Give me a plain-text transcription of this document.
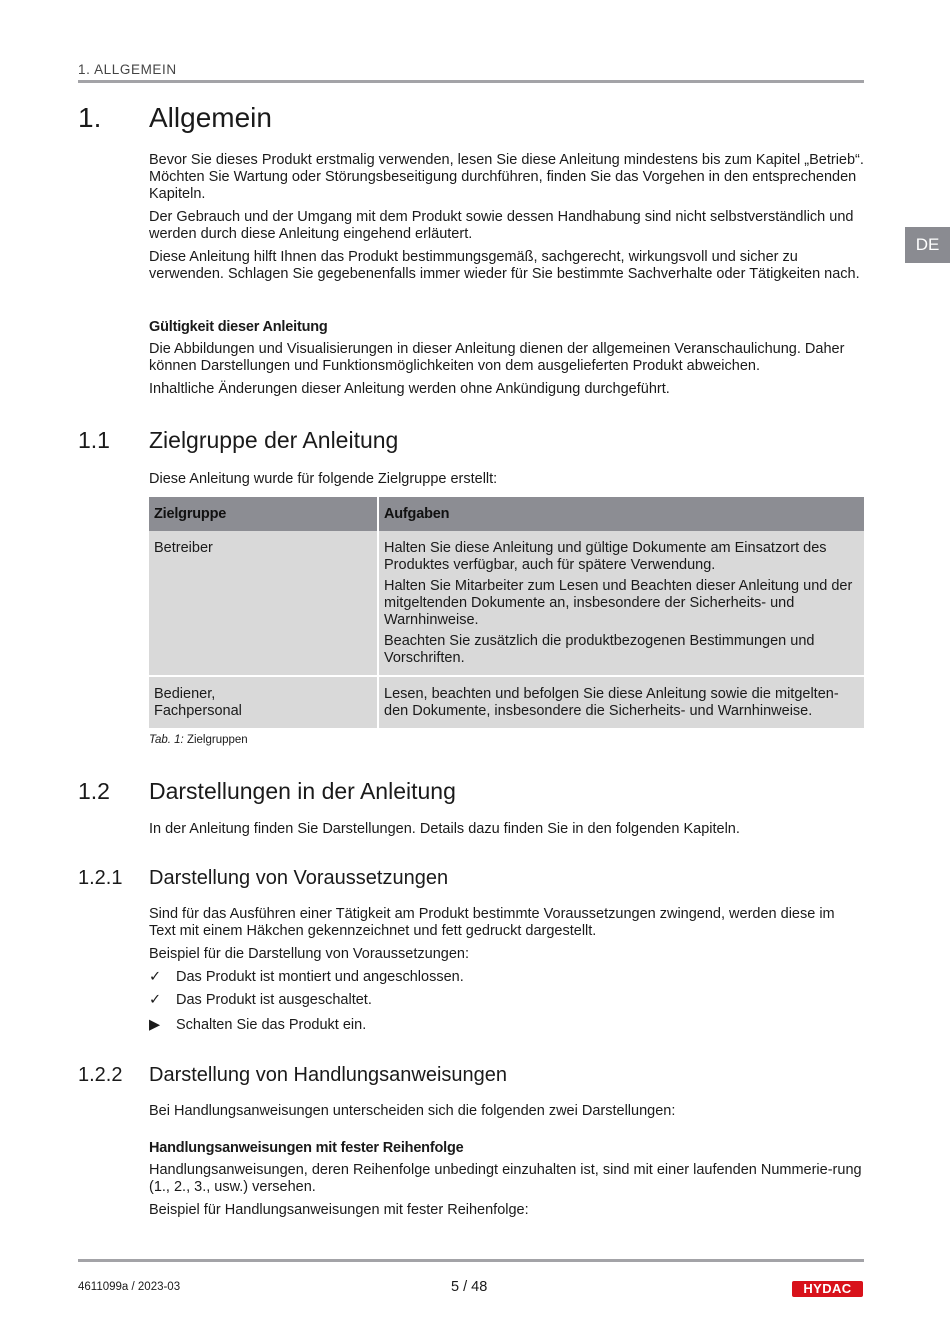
1. ALLGEMEIN
DE
1. Allgemein

Bevor Sie dieses Produkt erstmalig verwenden, lesen Sie diese Anleitung mindestens bis zum Kapitel „Betrieb“. Möchten Sie Wartung oder Störungsbeseitigung durchführen, finden Sie das Vorgehen in den entsprechenden Kapiteln.

Der Gebrauch und der Umgang mit dem Produkt sowie dessen Handhabung sind nicht selbstverständlich und werden durch diese Anleitung eingehend erläutert.

Diese Anleitung hilft Ihnen das Produkt bestimmungsgemäß, sachgerecht, wirkungsvoll und sicher zu verwenden. Schlagen Sie gegebenenfalls immer wieder für Sie bestimmte Sachverhalte oder Tätigkeiten nach.

Gültigkeit dieser Anleitung

Die Abbildungen und Visualisierungen in dieser Anleitung dienen der allgemeinen Veranschaulichung. Daher können Darstellungen und Funktionsmöglichkeiten von dem ausgelieferten Produkt abweichen.

Inhaltliche Änderungen dieser Anleitung werden ohne Ankündigung durchgeführt.

1.1 Zielgruppe der Anleitung

Diese Anleitung wurde für folgende Zielgruppe erstellt:

Zielgruppe	Aufgaben
Betreiber	Halten Sie diese Anleitung und gültige Dokumente am Einsatzort des Produktes verfügbar, auch für spätere Verwendung.

Halten Sie Mitarbeiter zum Lesen und Beachten dieser Anleitung und der mitgeltenden Dokumente an, insbesondere der Sicherheits- und Warnhinweise.

Beachten Sie zusätzlich die produktbezogenen Bestimmungen und Vorschriften.

Bediener,
Fachpersonal	Lesen, beachten und befolgen Sie diese Anleitung sowie die mitgelten-den Dokumente, insbesondere die Sicherheits- und Warnhinweise.

Tab. 1: Zielgruppen
1.2 Darstellungen in der Anleitung

In der Anleitung finden Sie Darstellungen. Details dazu finden Sie in den folgenden Kapiteln.

1.2.1 Darstellung von Voraussetzungen

Sind für das Ausführen einer Tätigkeit am Produkt bestimmte Voraussetzungen zwingend, werden diese im Text mit einem Häkchen gekennzeichnet und fett gedruckt dargestellt.

Beispiel für die Darstellung von Voraussetzungen:

✓	Das Produkt ist montiert und angeschlossen.
✓	Das Produkt ist ausgeschaltet.
▶	Schalten Sie das Produkt ein.
1.2.2 Darstellung von Handlungsanweisungen

Bei Handlungsanweisungen unterscheiden sich die folgenden zwei Darstellungen:

Handlungsanweisungen mit fester Reihenfolge

Handlungsanweisungen, deren Reihenfolge unbedingt einzuhalten ist, sind mit einer laufenden Nummerie-rung (1., 2., 3., usw.) versehen.

Beispiel für Handlungsanweisungen mit fester Reihenfolge:

4611099a / 2023-03	5 / 48	HYDAC
